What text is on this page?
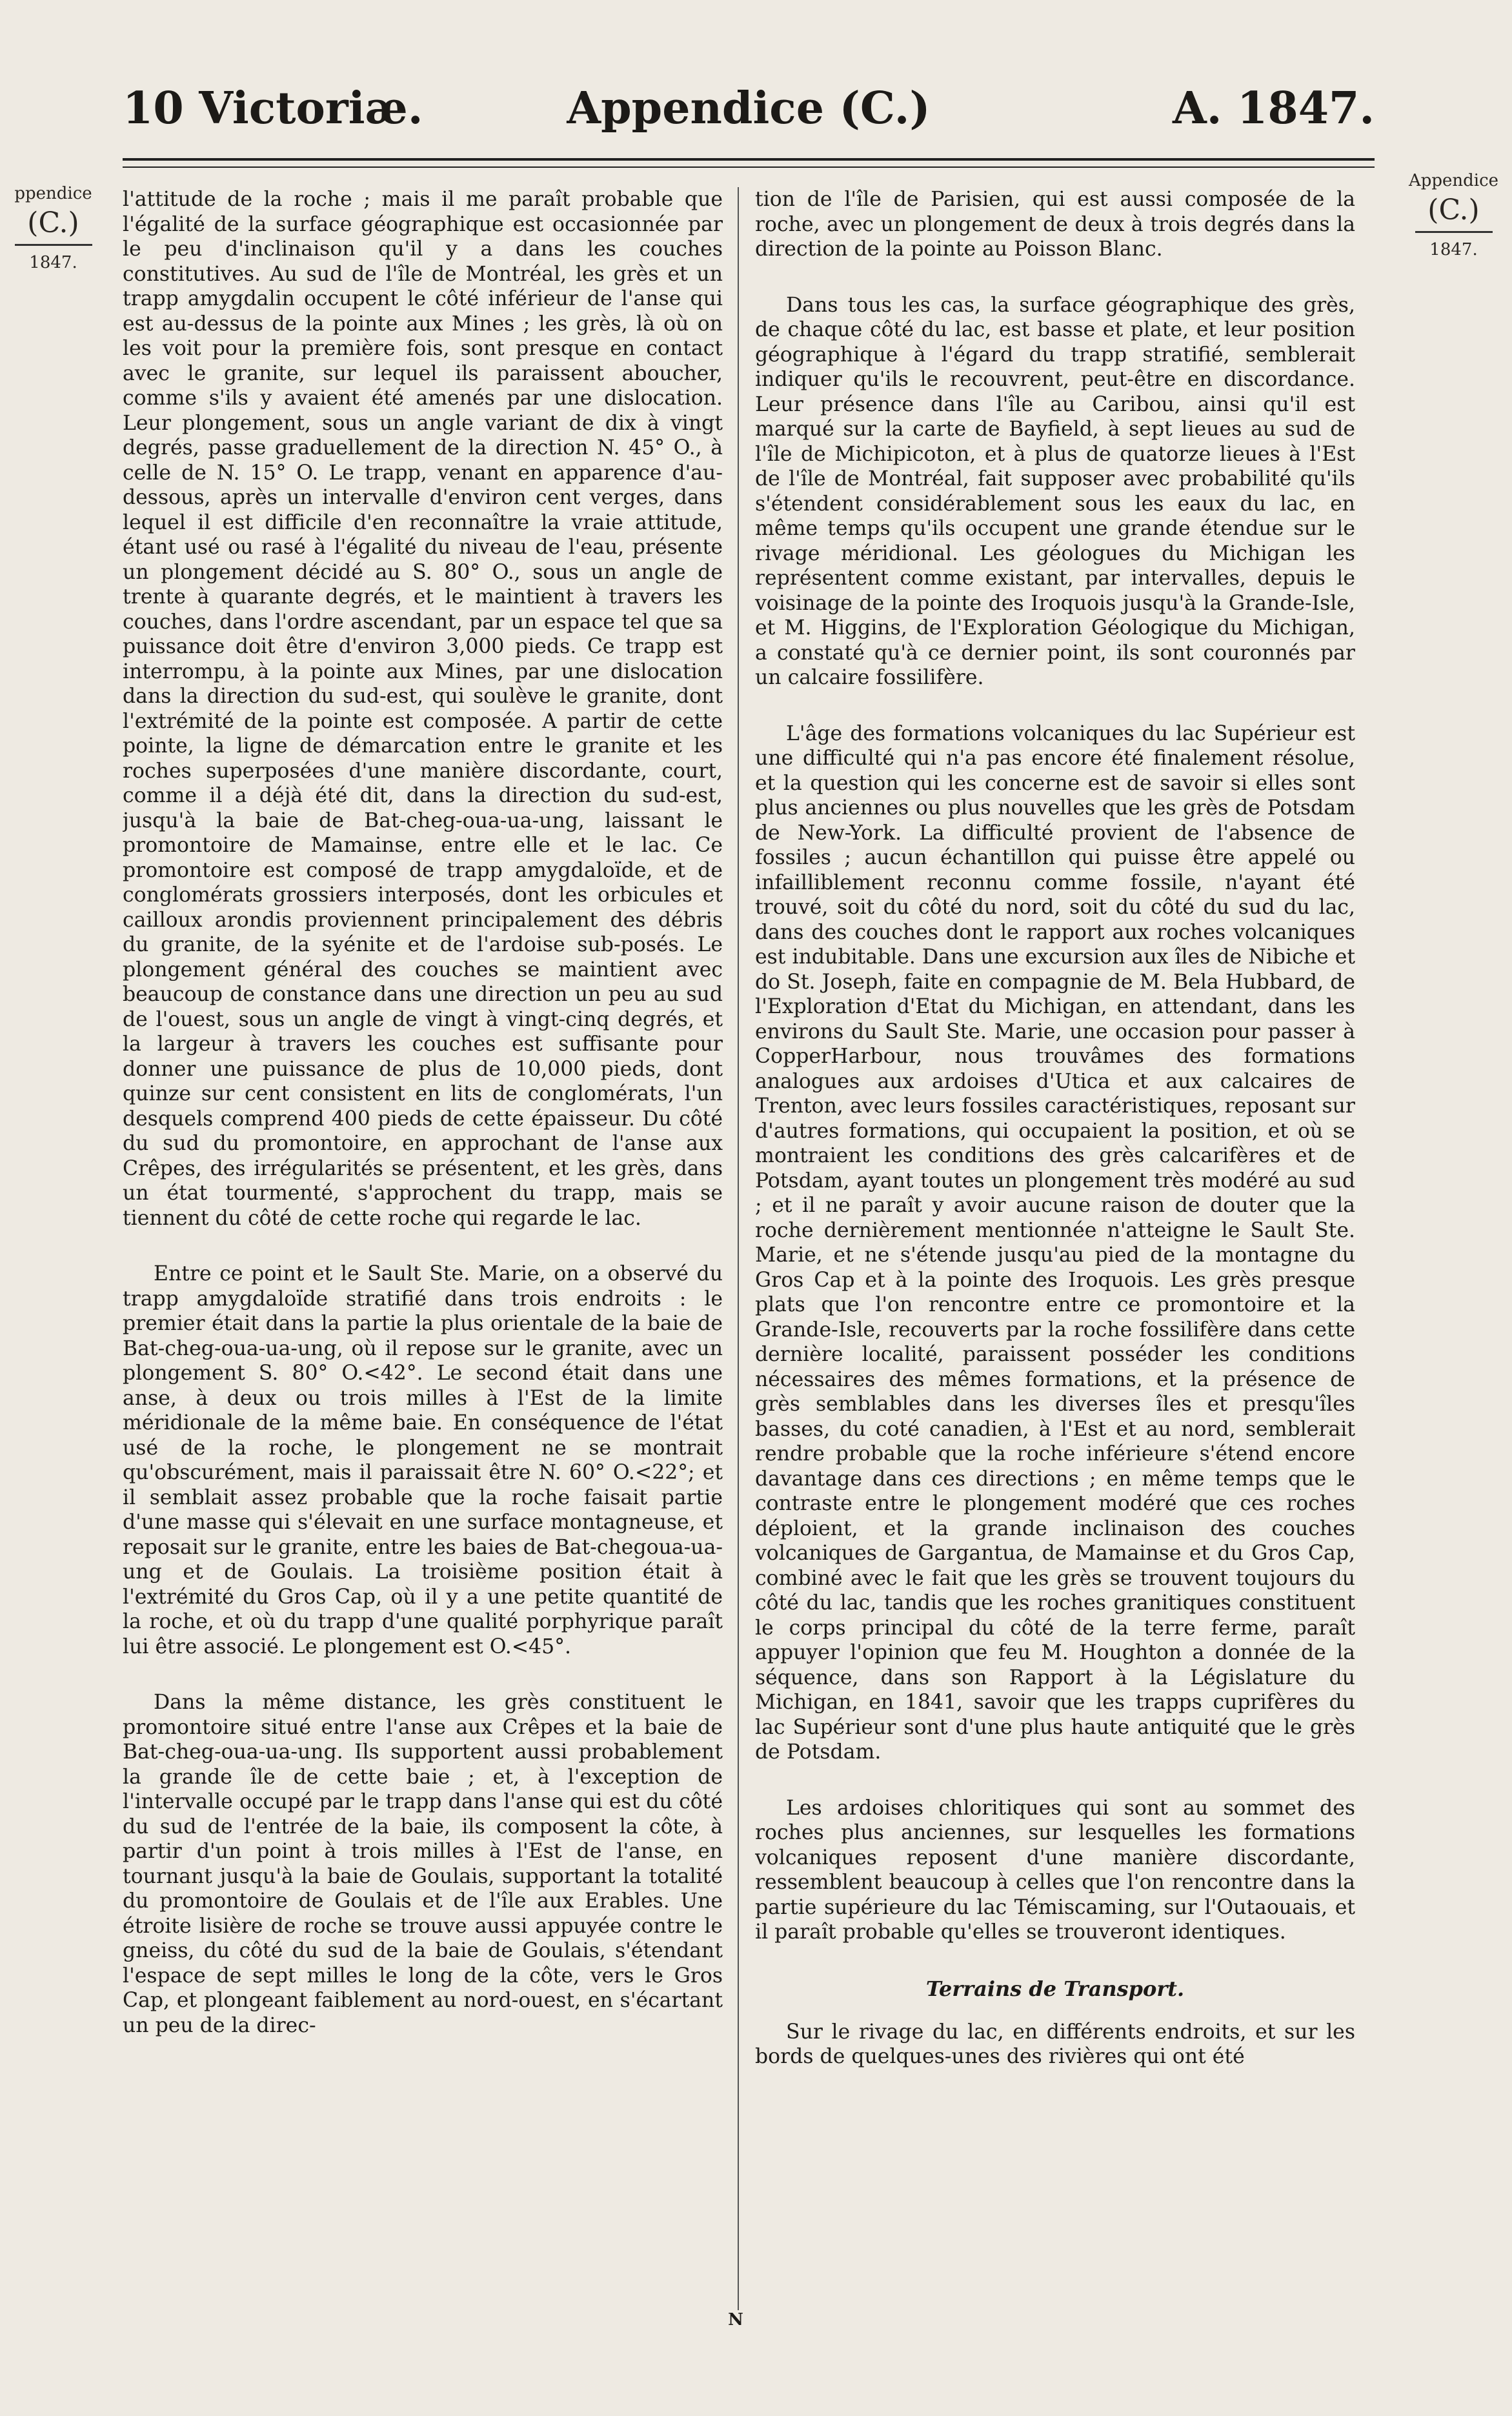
10 Victoriæ.	Appendice (C.)	A. 1847.
ppendice
(C.)
1847.
Appendice
(C.)
1847.

l'attitude de la roche ; mais il me paraît probable que l'égalité de la surface géographique est occasionnée par le peu d'inclinaison qu'il y a dans les couches constitutives. Au sud de l'île de Montréal, les grès et un trapp amygdalin occupent le côté inférieur de l'anse qui est au-dessus de la pointe aux Mines ; les grès, là où on les voit pour la première fois, sont presque en contact avec le granite, sur lequel ils paraissent aboucher, comme s'ils y avaient été amenés par une dislocation. Leur plongement, sous un angle variant de dix à vingt degrés, passe graduellement de la direction N. 45° O., à celle de N. 15° O. Le trapp, venant en apparence d'au-dessous, après un intervalle d'environ cent verges, dans lequel il est difficile d'en reconnaître la vraie attitude, étant usé ou rasé à l'égalité du niveau de l'eau, présente un plongement décidé au S. 80° O., sous un angle de trente à quarante degrés, et le maintient à travers les couches, dans l'ordre ascendant, par un espace tel que sa puissance doit être d'environ 3,000 pieds. Ce trapp est interrompu, à la pointe aux Mines, par une dislocation dans la direction du sud-est, qui soulève le granite, dont l'extrémité de la pointe est composée. A partir de cette pointe, la ligne de démarcation entre le granite et les roches superposées d'une manière discordante, court, comme il a déjà été dit, dans la direction du sud-est, jusqu'à la baie de Bat-cheg-oua-ua-ung, laissant le promontoire de Mamainse, entre elle et le lac. Ce promontoire est composé de trapp amygdaloïde, et de conglomérats grossiers interposés, dont les orbicules et cailloux arondis proviennent principalement des débris du granite, de la syénite et de l'ardoise sub-posés. Le plongement général des couches se maintient avec beaucoup de constance dans une direction un peu au sud de l'ouest, sous un angle de vingt à vingt-cinq degrés, et la largeur à travers les couches est suffisante pour donner une puissance de plus de 10,000 pieds, dont quinze sur cent consistent en lits de conglomérats, l'un desquels comprend 400 pieds de cette épaisseur. Du côté du sud du promontoire, en approchant de l'anse aux Crêpes, des irrégularités se présentent, et les grès, dans un état tourmenté, s'approchent du trapp, mais se tiennent du côté de cette roche qui regarde le lac.

Entre ce point et le Sault Ste. Marie, on a observé du trapp amygdaloïde stratifié dans trois endroits : le premier était dans la partie la plus orientale de la baie de Bat-cheg-oua-ua-ung, où il repose sur le granite, avec un plongement S. 80° O.<42°. Le second était dans une anse, à deux ou trois milles à l'Est de la limite méridionale de la même baie. En conséquence de l'état usé de la roche, le plongement ne se montrait qu'obscurément, mais il paraissait être N. 60° O.<22°; et il semblait assez probable que la roche faisait partie d'une masse qui s'élevait en une surface montagneuse, et reposait sur le granite, entre les baies de Bat-chegoua-ua-ung et de Goulais. La troisième position était à l'extrémité du Gros Cap, où il y a une petite quantité de la roche, et où du trapp d'une qualité porphyrique paraît lui être associé. Le plongement est O.<45°.

Dans la même distance, les grès constituent le promontoire situé entre l'anse aux Crêpes et la baie de Bat-cheg-oua-ua-ung. Ils supportent aussi probablement la grande île de cette baie ; et, à l'exception de l'intervalle occupé par le trapp dans l'anse qui est du côté du sud de l'entrée de la baie, ils composent la côte, à partir d'un point à trois milles à l'Est de l'anse, en tournant jusqu'à la baie de Goulais, supportant la totalité du promontoire de Goulais et de l'île aux Erables. Une étroite lisière de roche se trouve aussi appuyée contre le gneiss, du côté du sud de la baie de Goulais, s'étendant l'espace de sept milles le long de la côte, vers le Gros Cap, et plongeant faiblement au nord-ouest, en s'écartant un peu de la direc-

tion de l'île de Parisien, qui est aussi composée de la roche, avec un plongement de deux à trois degrés dans la direction de la pointe au Poisson Blanc.

Dans tous les cas, la surface géographique des grès, de chaque côté du lac, est basse et plate, et leur position géographique à l'égard du trapp stratifié, semblerait indiquer qu'ils le recouvrent, peut-être en discordance. Leur présence dans l'île au Caribou, ainsi qu'il est marqué sur la carte de Bayfield, à sept lieues au sud de l'île de Michipicoton, et à plus de quatorze lieues à l'Est de l'île de Montréal, fait supposer avec probabilité qu'ils s'étendent considérablement sous les eaux du lac, en même temps qu'ils occupent une grande étendue sur le rivage méridional. Les géologues du Michigan les représentent comme existant, par intervalles, depuis le voisinage de la pointe des Iroquois jusqu'à la Grande-Isle, et M. Higgins, de l'Exploration Géologique du Michigan, a constaté qu'à ce dernier point, ils sont couronnés par un calcaire fossilifère.

L'âge des formations volcaniques du lac Supérieur est une difficulté qui n'a pas encore été finalement résolue, et la question qui les concerne est de savoir si elles sont plus anciennes ou plus nouvelles que les grès de Potsdam de New-York. La difficulté provient de l'absence de fossiles ; aucun échantillon qui puisse être appelé ou infailliblement reconnu comme fossile, n'ayant été trouvé, soit du côté du nord, soit du côté du sud du lac, dans des couches dont le rapport aux roches volcaniques est indubitable. Dans une excursion aux îles de Nibiche et do St. Joseph, faite en compagnie de M. Bela Hubbard, de l'Exploration d'Etat du Michigan, en attendant, dans les environs du Sault Ste. Marie, une occasion pour passer à CopperHarbour, nous trouvâmes des formations analogues aux ardoises d'Utica et aux calcaires de Trenton, avec leurs fossiles caractéristiques, reposant sur d'autres formations, qui occupaient la position, et où se montraient les conditions des grès calcarifères et de Potsdam, ayant toutes un plongement très modéré au sud ; et il ne paraît y avoir aucune raison de douter que la roche dernièrement mentionnée n'atteigne le Sault Ste. Marie, et ne s'étende jusqu'au pied de la montagne du Gros Cap et à la pointe des Iroquois. Les grès presque plats que l'on rencontre entre ce promontoire et la Grande-Isle, recouverts par la roche fossilifère dans cette dernière localité, paraissent posséder les conditions nécessaires des mêmes formations, et la présence de grès semblables dans les diverses îles et presqu'îles basses, du coté canadien, à l'Est et au nord, semblerait rendre probable que la roche inférieure s'étend encore davantage dans ces directions ; en même temps que le contraste entre le plongement modéré que ces roches déploient, et la grande inclinaison des couches volcaniques de Gargantua, de Mamainse et du Gros Cap, combiné avec le fait que les grès se trouvent toujours du côté du lac, tandis que les roches granitiques constituent le corps principal du côté de la terre ferme, paraît appuyer l'opinion que feu M. Houghton a donnée de la séquence, dans son Rapport à la Législature du Michigan, en 1841, savoir que les trapps cuprifères du lac Supérieur sont d'une plus haute antiquité que le grès de Potsdam.

Les ardoises chloritiques qui sont au sommet des roches plus anciennes, sur lesquelles les formations volcaniques reposent d'une manière discordante, ressemblent beaucoup à celles que l'on rencontre dans la partie supérieure du lac Témiscaming, sur l'Outaouais, et il paraît probable qu'elles se trouveront identiques.

Terrains de Transport.

Sur le rivage du lac, en différents endroits, et sur les bords de quelques-unes des rivières qui ont été

N
